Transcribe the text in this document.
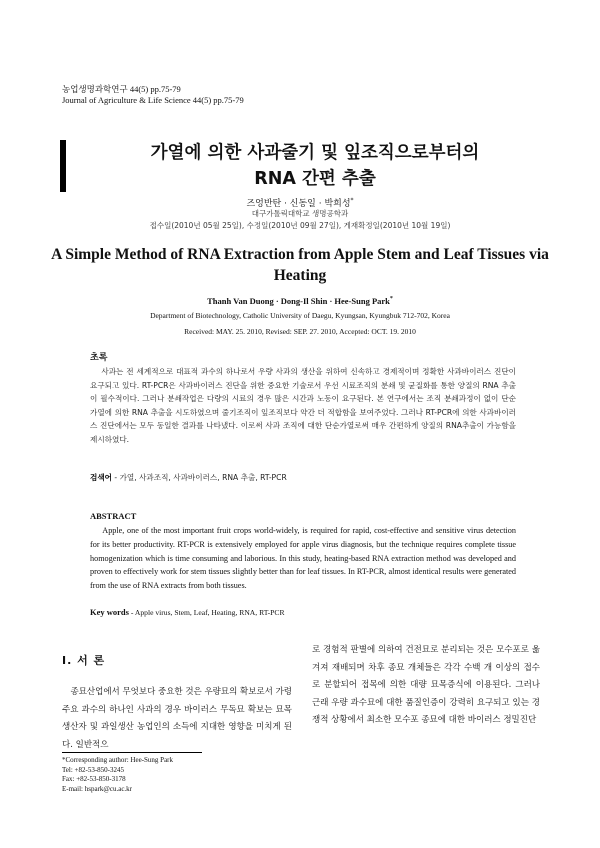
농업생명과학연구 44(5) pp.75-79
Journal of Agriculture & Life Science 44(5) pp.75-79
가열에 의한 사과줄기 및 잎조직으로부터의
RNA 간편 추출
즈엉반탄 · 신동일 · 박희성*
대구가톨릭대학교 생명공학과
접수일(2010년 05월 25일), 수정일(2010년 09월 27일), 게재확정일(2010년 10월 19일)
A Simple Method of RNA Extraction from Apple Stem and Leaf Tissues via
Heating
Thanh Van Duong · Dong-Il Shin · Hee-Sung Park*
Department of Biotechnology, Catholic University of Daegu, Kyungsan, Kyungbuk 712-702, Korea
Received: MAY. 25. 2010, Revised: SEP. 27. 2010, Accepted: OCT. 19. 2010
초록
사과는 전 세계적으로 대표적 과수의 하나로서 우량 사과의 생산을 위하여 신속하고 경제적이며 정확한 사과바이러스 진단이 요구되고 있다. RT-PCR은 사과바이러스 진단을 위한 중요한 기술로서 우선 시료조직의 분쇄 및 균질화를 통한 양질의 RNA 추출이 필수적이다. 그러나 분쇄작업은 다량의 시료의 경우 많은 시간과 노동이 요구된다. 본 연구에서는 조직 분쇄과정이 없이 단순 가열에 의한 RNA 추출을 시도하였으며 줄기조직이 잎조직보다 약간 더 적합함을 보여주었다. 그러나 RT-PCR에 의한 사과바이러스 진단에서는 모두 동일한 결과를 나타냈다. 이로써 사과 조직에 대한 단순가열로써 매우 간편하게 양질의 RNA추출이 가능함을 제시하였다.
검색어 - 가열, 사과조직, 사과바이러스, RNA 추출, RT-PCR
ABSTRACT
Apple, one of the most important fruit crops world-widely, is required for rapid, cost-effective and sensitive virus detection for its better productivity. RT-PCR is extensively employed for apple virus diagnosis, but the technique requires complete tissue homogenization which is time consuming and laborious. In this study, heating-based RNA extraction method was developed and proven to effectively work for stem tissues slightly better than for leaf tissues. In RT-PCR, almost identical results were generated from the use of RNA extracts from both tissues.
Key words - Apple virus, Stem, Leaf, Heating, RNA, RT-PCR
Ⅰ. 서 론
종묘산업에서 무엇보다 중요한 것은 우량묘의 확보로서 가령 주요 과수의 하나인 사과의 경우 바이러스 무독묘 확보는 묘목 생산자 및 과일생산 농업인의 소득에 지대한 영향을 미치게 된다. 일반적으
로 경험적 판별에 의하여 건전묘로 분리되는 것은 모수포로 옮겨져 재배되며 차후 종묘 개체들은 각각 수백 개 이상의 접수로 분할되어 접목에 의한 대량 묘목증식에 이용된다. 그러나 근래 우량 과수묘에 대한 품질인증이 강력히 요구되고 있는 경쟁적 상황에서 최소한 모수포 종묘에 대한 바이러스 정밀진단
*Corresponding author: Hee-Sung Park
Tel: +82-53-850-3245
Fax: +82-53-850-3178
E-mail: hspark@cu.ac.kr
